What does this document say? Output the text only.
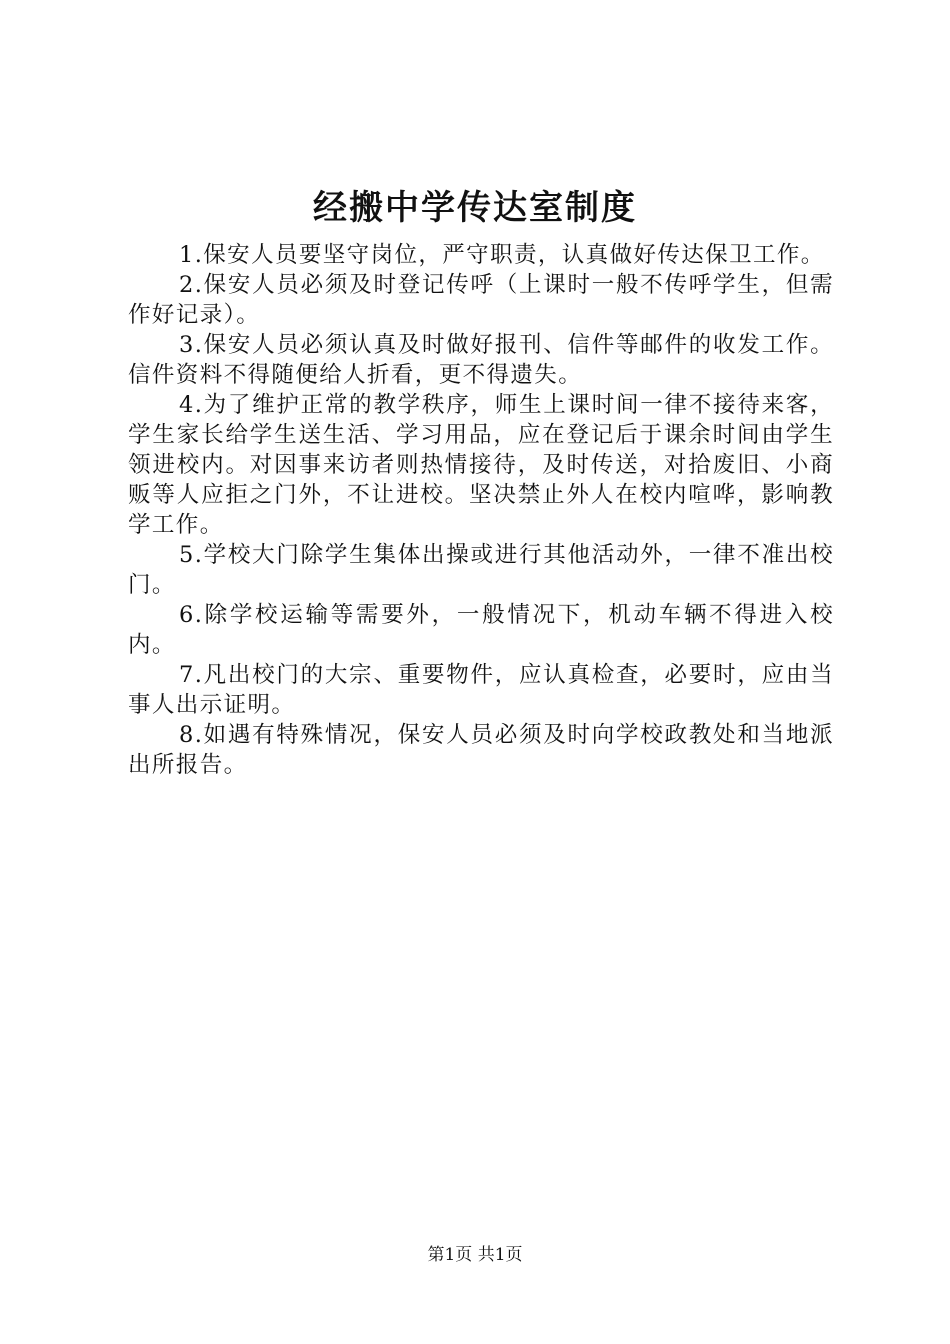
经搬中学传达室制度

1.保安人员要坚守岗位，严守职责，认真做好传达保卫工作。

2.保安人员必须及时登记传呼（上课时一般不传呼学生，但需作好记录）。

3.保安人员必须认真及时做好报刊、信件等邮件的收发工作。信件资料不得随便给人折看，更不得遗失。

4.为了维护正常的教学秩序，师生上课时间一律不接待来客，学生家长给学生送生活、学习用品，应在登记后于课余时间由学生领进校内。对因事来访者则热情接待，及时传送，对拾废旧、小商贩等人应拒之门外，不让进校。坚决禁止外人在校内喧哗，影响教学工作。

5.学校大门除学生集体出操或进行其他活动外，一律不准出校门。

6.除学校运输等需要外，一般情况下，机动车辆不得进入校内。

7.凡出校门的大宗、重要物件，应认真检查，必要时，应由当事人出示证明。

8.如遇有特殊情况，保安人员必须及时向学校政教处和当地派出所报告。

第1页 共1页
